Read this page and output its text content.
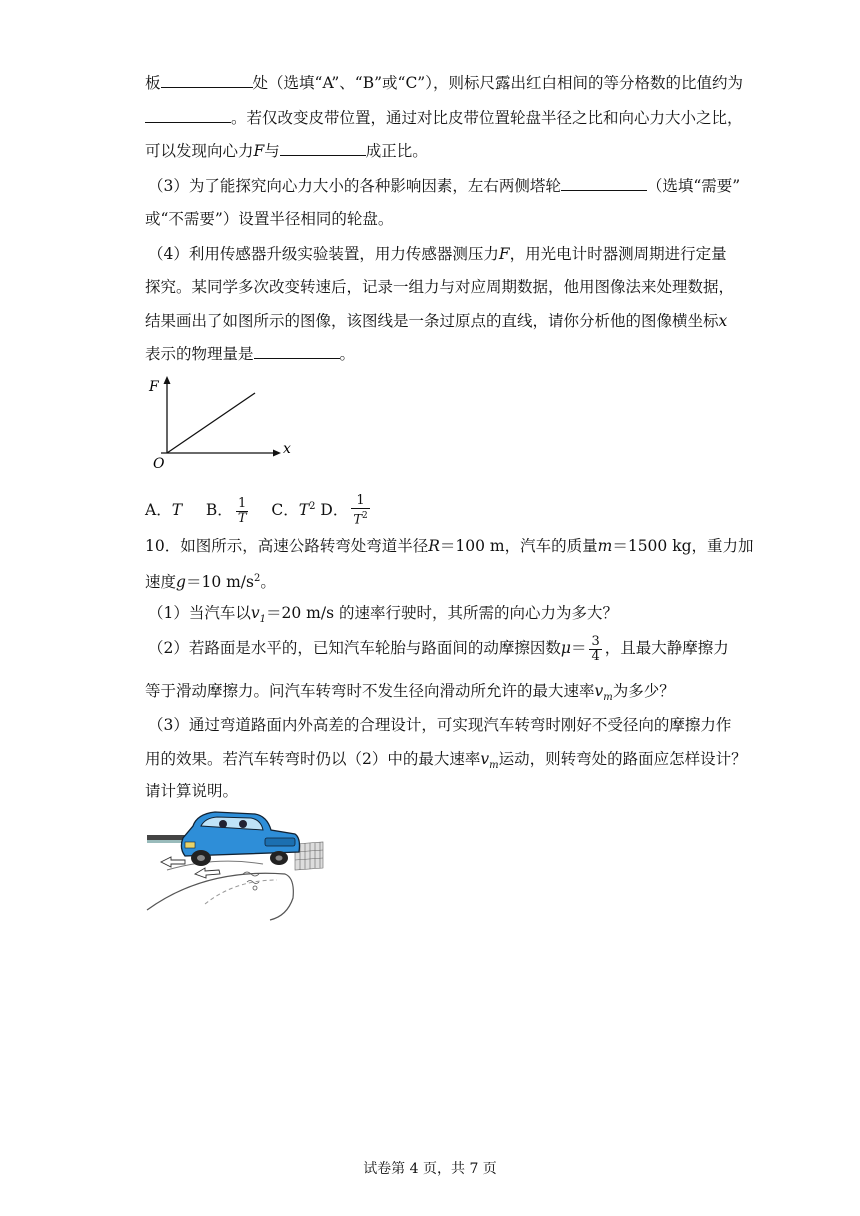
板	处（选填“A”、“B”或“C”），则标尺露出红白相间的等分格数的比值约为
。若仅改变皮带位置，通过对比皮带位置轮盘半径之比和向心力大小之比，
可以发现向心力F与	成正比。
（3）为了能探究向心力大小的各种影响因素，左右两侧塔轮	（选填“需要”
或“不需要”）设置半径相同的轮盘。
（4）利用传感器升级实验装置，用力传感器测压力F，用光电计时器测周期进行定量
探究。某同学多次改变转速后，记录一组力与对应周期数据，他用图像法来处理数据，
结果画出了如图所示的图像，该图线是一条过原点的直线，请你分析他的图像横坐标x
表示的物理量是	。
F
x
O
A．T B． $\frac{1}{T}$ C．$T^2$ D． $\frac{1}{T^2}$
10．如图所示，高速公路转弯处弯道半径R＝100 m，汽车的质量m＝1500 kg，重力加
速度g＝10 $m/s^2$。
（1）当汽车以$v_1=20$ m/s 的速率行驶时，其所需的向心力为多大？
（2）若路面是水平的，已知汽车轮胎与路面间的动摩擦因数$\mu= \frac{3}{4}$ ，且最大静摩擦力
等于滑动摩擦力。问汽车转弯时不发生径向滑动所允许的最大速率$v_m$为多少？
（3）通过弯道路面内外高差的合理设计，可实现汽车转弯时刚好不受径向的摩擦力作
用的效果。若汽车转弯时仍以（2）中的最大速率$v_m$运动，则转弯处的路面应怎样设计？
请计算说明。
试卷第 4 页，共 7 页
